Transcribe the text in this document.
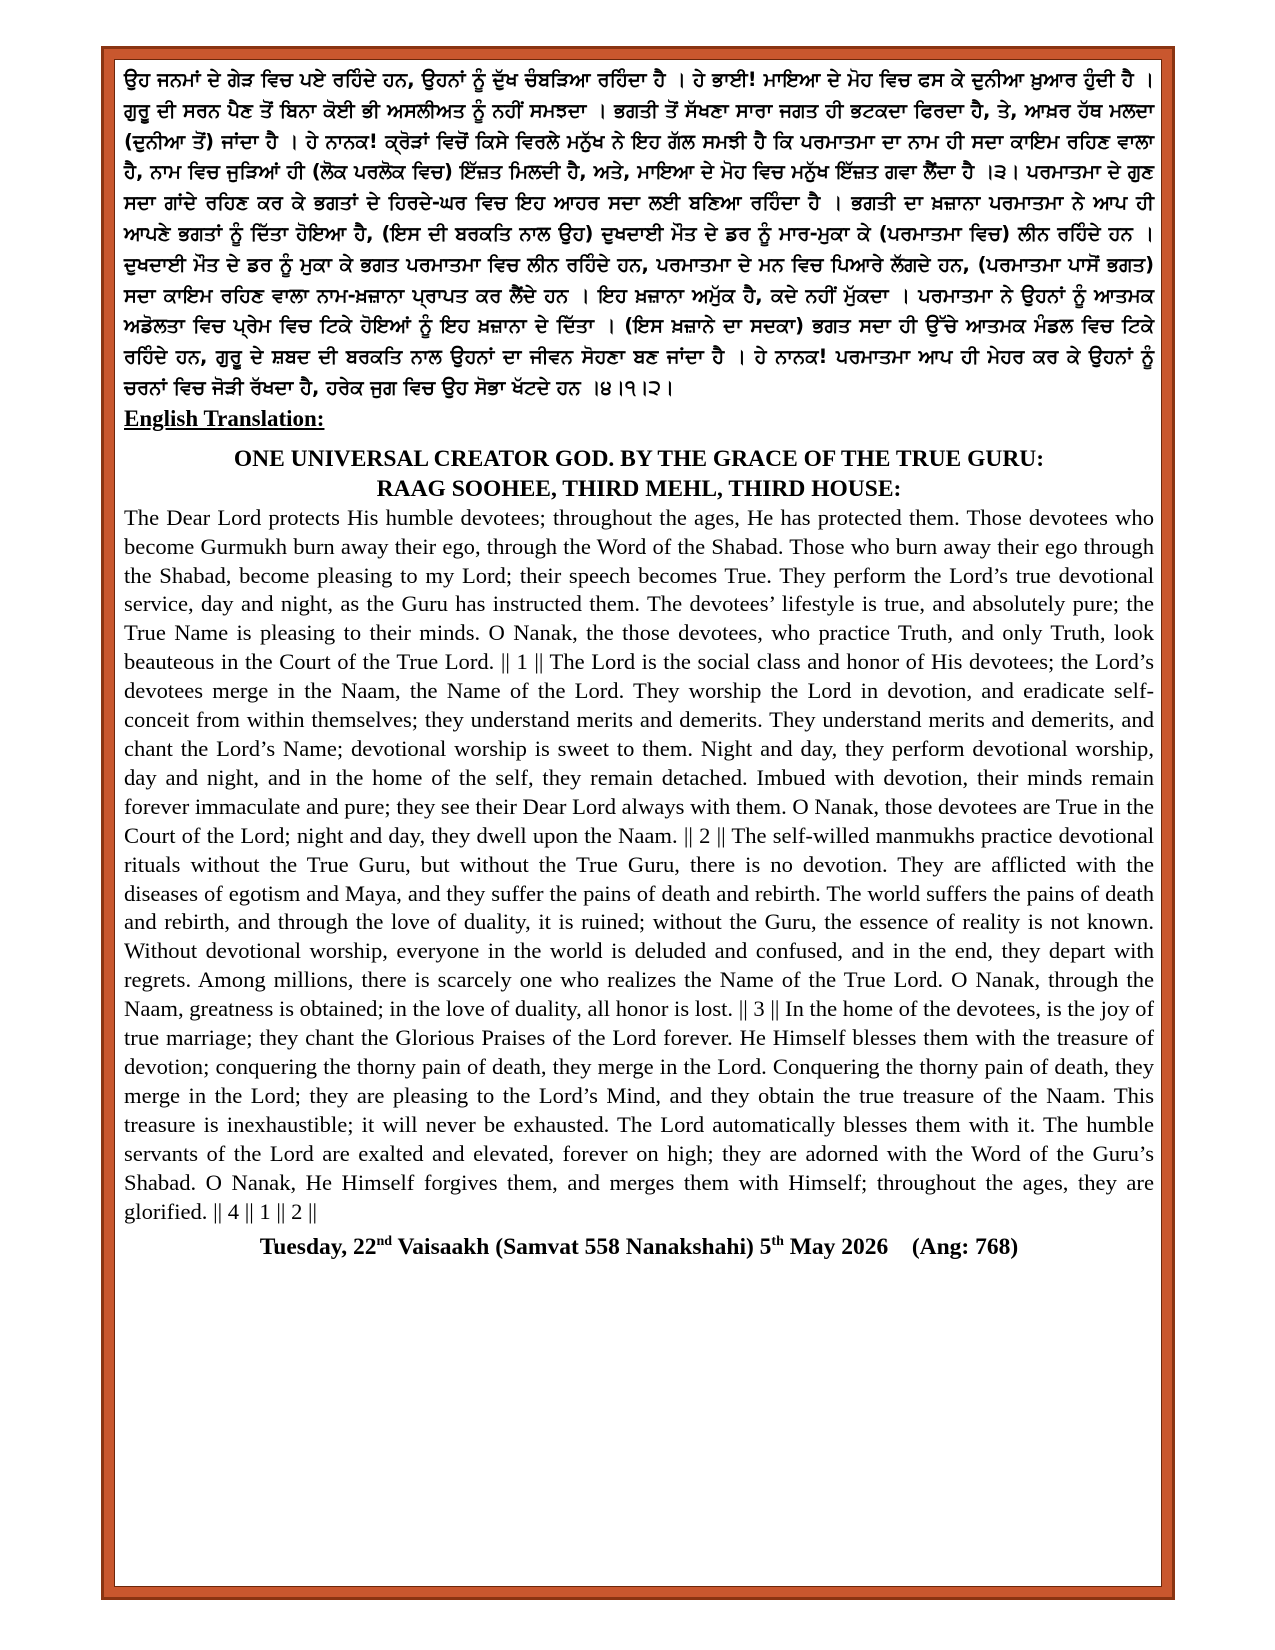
ਉਹ ਜਨਮਾਂ ਦੇ ਗੇੜ ਵਿਚ ਪਏ ਰਹਿੰਦੇ ਹਨ, ਉਹਨਾਂ ਨੂੰ ਦੁੱਖ ਚੰਬੜਿਆ ਰਹਿੰਦਾ ਹੈ । ਹੇ ਭਾਈ! ਮਾਇਆ ਦੇ ਮੋਹ ਵਿਚ ਫਸ ਕੇ ਦੁਨੀਆ ਖ਼ੁਆਰ ਹੁੰਦੀ ਹੈ । ਗੁਰੂ ਦੀ ਸਰਨ ਪੈਣ ਤੋਂ ਬਿਨਾ ਕੋਈ ਭੀ ਅਸਲੀਅਤ ਨੂੰ ਨਹੀਂ ਸਮਝਦਾ । ਭਗਤੀ ਤੋਂ ਸੱਖਣਾ ਸਾਰਾ ਜਗਤ ਹੀ ਭਟਕਦਾ ਫਿਰਦਾ ਹੈ, ਤੇ, ਆਖ਼ਰ ਹੱਥ ਮਲਦਾ (ਦੁਨੀਆ ਤੋਂ) ਜਾਂਦਾ ਹੈ । ਹੇ ਨਾਨਕ! ਕ੍ਰੋੜਾਂ ਵਿਚੋਂ ਕਿਸੇ ਵਿਰਲੇ ਮਨੁੱਖ ਨੇ ਇਹ ਗੱਲ ਸਮਝੀ ਹੈ ਕਿ ਪਰਮਾਤਮਾ ਦਾ ਨਾਮ ਹੀ ਸਦਾ ਕਾਇਮ ਰਹਿਣ ਵਾਲਾ ਹੈ, ਨਾਮ ਵਿਚ ਜੁੜਿਆਂ ਹੀ (ਲੋਕ ਪਰਲੋਕ ਵਿਚ) ਇੱਜ਼ਤ ਮਿਲਦੀ ਹੈ, ਅਤੇ, ਮਾਇਆ ਦੇ ਮੋਹ ਵਿਚ ਮਨੁੱਖ ਇੱਜ਼ਤ ਗਵਾ ਲੈਂਦਾ ਹੈ ।੩। ਪਰਮਾਤਮਾ ਦੇ ਗੁਣ ਸਦਾ ਗਾਂਦੇ ਰਹਿਣ ਕਰ ਕੇ ਭਗਤਾਂ ਦੇ ਹਿਰਦੇ-ਘਰ ਵਿਚ ਇਹ ਆਹਰ ਸਦਾ ਲਈ ਬਣਿਆ ਰਹਿੰਦਾ ਹੈ । ਭਗਤੀ ਦਾ ਖ਼ਜ਼ਾਨਾ ਪਰਮਾਤਮਾ ਨੇ ਆਪ ਹੀ ਆਪਣੇ ਭਗਤਾਂ ਨੂੰ ਦਿੱਤਾ ਹੋਇਆ ਹੈ, (ਇਸ ਦੀ ਬਰਕਤਿ ਨਾਲ ਉਹ) ਦੁਖਦਾਈ ਮੌਤ ਦੇ ਡਰ ਨੂੰ ਮਾਰ-ਮੁਕਾ ਕੇ (ਪਰਮਾਤਮਾ ਵਿਚ) ਲੀਨ ਰਹਿੰਦੇ ਹਨ । ਦੁਖਦਾਈ ਮੌਤ ਦੇ ਡਰ ਨੂੰ ਮੁਕਾ ਕੇ ਭਗਤ ਪਰਮਾਤਮਾ ਵਿਚ ਲੀਨ ਰਹਿੰਦੇ ਹਨ, ਪਰਮਾਤਮਾ ਦੇ ਮਨ ਵਿਚ ਪਿਆਰੇ ਲੱਗਦੇ ਹਨ, (ਪਰਮਾਤਮਾ ਪਾਸੋਂ ਭਗਤ) ਸਦਾ ਕਾਇਮ ਰਹਿਣ ਵਾਲਾ ਨਾਮ-ਖ਼ਜ਼ਾਨਾ ਪ੍ਰਾਪਤ ਕਰ ਲੈਂਦੇ ਹਨ । ਇਹ ਖ਼ਜ਼ਾਨਾ ਅਮੁੱਕ ਹੈ, ਕਦੇ ਨਹੀਂ ਮੁੱਕਦਾ । ਪਰਮਾਤਮਾ ਨੇ ਉਹਨਾਂ ਨੂੰ ਆਤਮਕ ਅਡੋਲਤਾ ਵਿਚ ਪ੍ਰੇਮ ਵਿਚ ਟਿਕੇ ਹੋਇਆਂ ਨੂੰ ਇਹ ਖ਼ਜ਼ਾਨਾ ਦੇ ਦਿੱਤਾ । (ਇਸ ਖ਼ਜ਼ਾਨੇ ਦਾ ਸਦਕਾ) ਭਗਤ ਸਦਾ ਹੀ ਉੱਚੇ ਆਤਮਕ ਮੰਡਲ ਵਿਚ ਟਿਕੇ ਰਹਿੰਦੇ ਹਨ, ਗੁਰੂ ਦੇ ਸ਼ਬਦ ਦੀ ਬਰਕਤਿ ਨਾਲ ਉਹਨਾਂ ਦਾ ਜੀਵਨ ਸੋਹਣਾ ਬਣ ਜਾਂਦਾ ਹੈ । ਹੇ ਨਾਨਕ! ਪਰਮਾਤਮਾ ਆਪ ਹੀ ਮੇਹਰ ਕਰ ਕੇ ਉਹਨਾਂ ਨੂੰ ਚਰਨਾਂ ਵਿਚ ਜੋੜੀ ਰੱਖਦਾ ਹੈ, ਹਰੇਕ ਜੁਗ ਵਿਚ ਉਹ ਸੋਭਾ ਖੱਟਦੇ ਹਨ ।੪।੧।੨।

English Translation:

ONE UNIVERSAL CREATOR GOD. BY THE GRACE OF THE TRUE GURU:

RAAG SOOHEE, THIRD MEHL, THIRD HOUSE:

The Dear Lord protects His humble devotees; throughout the ages, He has protected them. Those devotees who become Gurmukh burn away their ego, through the Word of the Shabad. Those who burn away their ego through the Shabad, become pleasing to my Lord; their speech becomes True. They perform the Lord’s true devotional service, day and night, as the Guru has instructed them. The devotees’ lifestyle is true, and absolutely pure; the True Name is pleasing to their minds. O Nanak, the those devotees, who practice Truth, and only Truth, look beauteous in the Court of the True Lord. || 1 || The Lord is the social class and honor of His devotees; the Lord’s devotees merge in the Naam, the Name of the Lord. They worship the Lord in devotion, and eradicate self-conceit from within themselves; they understand merits and demerits. They understand merits and demerits, and chant the Lord’s Name; devotional worship is sweet to them. Night and day, they perform devotional worship, day and night, and in the home of the self, they remain detached. Imbued with devotion, their minds remain forever immaculate and pure; they see their Dear Lord always with them. O Nanak, those devotees are True in the Court of the Lord; night and day, they dwell upon the Naam. || 2 || The self-willed manmukhs practice devotional rituals without the True Guru, but without the True Guru, there is no devotion. They are afflicted with the diseases of egotism and Maya, and they suffer the pains of death and rebirth. The world suffers the pains of death and rebirth, and through the love of duality, it is ruined; without the Guru, the essence of reality is not known. Without devotional worship, everyone in the world is deluded and confused, and in the end, they depart with regrets. Among millions, there is scarcely one who realizes the Name of the True Lord. O Nanak, through the Naam, greatness is obtained; in the love of duality, all honor is lost. || 3 || In the home of the devotees, is the joy of true marriage; they chant the Glorious Praises of the Lord forever. He Himself blesses them with the treasure of devotion; conquering the thorny pain of death, they merge in the Lord. Conquering the thorny pain of death, they merge in the Lord; they are pleasing to the Lord’s Mind, and they obtain the true treasure of the Naam. This treasure is inexhaustible; it will never be exhausted. The Lord automatically blesses them with it. The humble servants of the Lord are exalted and elevated, forever on high; they are adorned with the Word of the Guru’s Shabad. O Nanak, He Himself forgives them, and merges them with Himself; throughout the ages, they are glorified. || 4 || 1 || 2 ||

Tuesday, 22nd Vaisaakh (Samvat 558 Nanakshahi) 5th May 2026 (Ang: 768)
